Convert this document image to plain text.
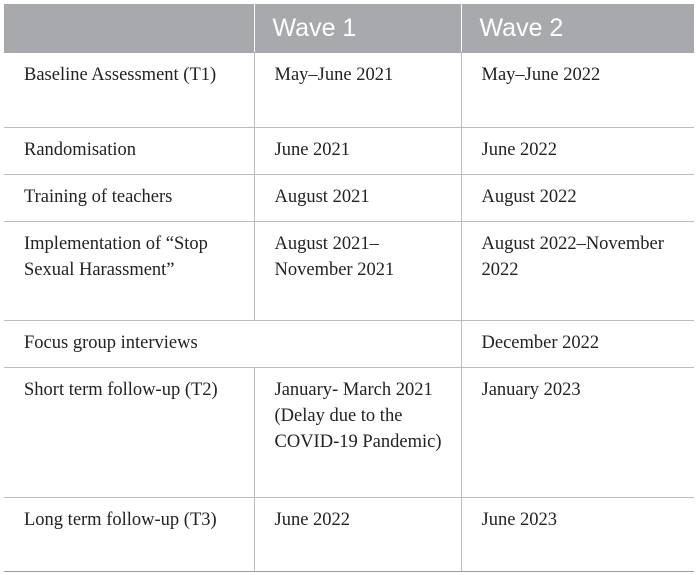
	Wave 1	Wave 2
Baseline Assessment (T1)	May–June 2021	May–June 2022
Randomisation	June 2021	June 2022
Training of teachers	August 2021	August 2022
Implementation of “Stop Sexual Harassment”	August 2021–November 2021	August 2022–November 2022
Focus group interviews		December 2022
Short term follow-up (T2)	January- March 2021 (Delay due to the COVID-19 Pandemic)	January 2023
Long term follow-up (T3)	June 2022	June 2023
